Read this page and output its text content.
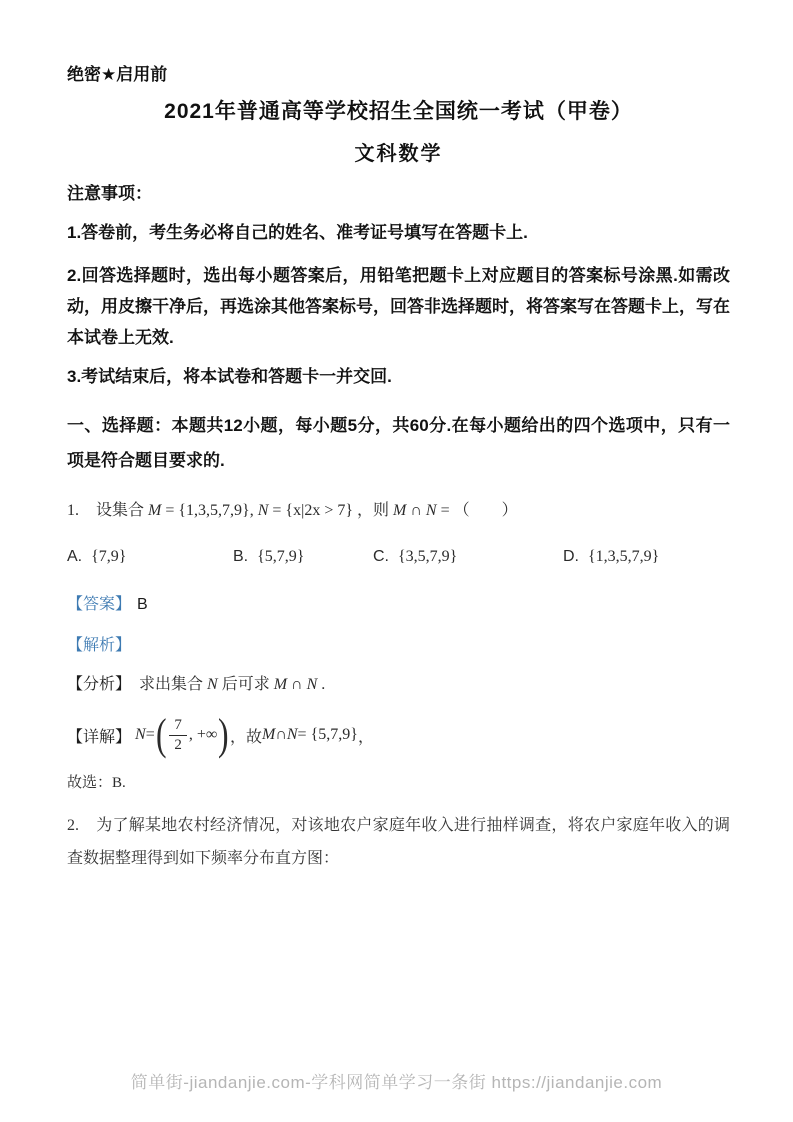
绝密★启用前

2021年普通高等学校招生全国统一考试（甲卷）
文科数学

注意事项：

1.答卷前，考生务必将自己的姓名、准考证号填写在答题卡上.

2.回答选择题时，选出每小题答案后，用铅笔把题卡上对应题目的答案标号涂黑.如需改动，用皮擦干净后，再选涂其他答案标号，回答非选择题时，将答案写在答题卡上，写在本试卷上无效.

3.考试结束后，将本试卷和答题卡一并交回.

一、选择题：本题共12小题，每小题5分，共60分.在每小题给出的四个选项中，只有一项是符合题目要求的.

1. 设集合 M = {1,3,5,7,9}, N = {x|2x > 7} ，则 M ∩ N = （　　）

A. {7,9}	B. {5,7,9}	C. {3,5,7,9}	D. {1,3,5,7,9}

【答案】 B

【解析】

【分析】 求出集合 N 后可求 M ∩ N .

【详解】 N = ( $\frac{7}{2}$ , +∞ ) ，故 M ∩ N = {5,7,9} ，

故选：B.

2. 为了解某地农村经济情况，对该地农户家庭年收入进行抽样调查，将农户家庭年收入的调查数据整理得到如下频率分布直方图：

简单街-jiandanjie.com-学科网简单学习一条街 https://jiandanjie.com
